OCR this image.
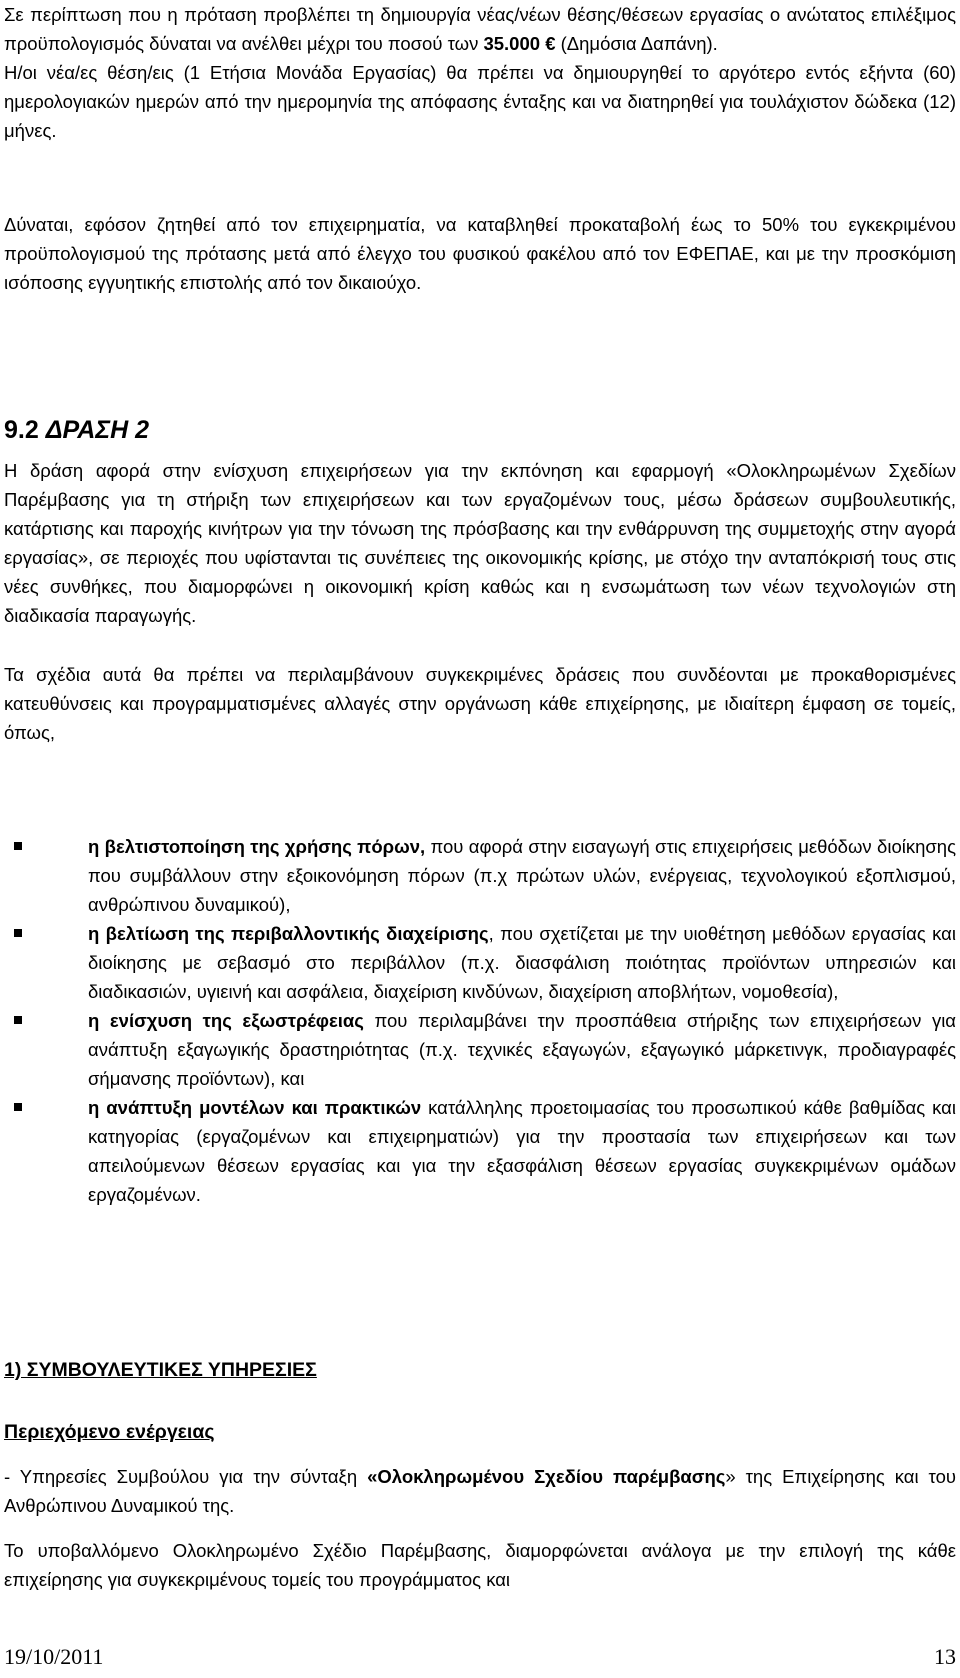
Σε περίπτωση που η πρόταση προβλέπει τη δημιουργία νέας/νέων θέσης/θέσεων εργασίας ο ανώτατος επιλέξιμος προϋπολογισμός δύναται να ανέλθει μέχρι του ποσού των 35.000 € (Δημόσια Δαπάνη).
Η/οι νέα/ες θέση/εις (1 Ετήσια Μονάδα Εργασίας) θα πρέπει να δημιουργηθεί το αργότερο εντός εξήντα (60) ημερολογιακών ημερών από την ημερομηνία της απόφασης ένταξης και να διατηρηθεί για τουλάχιστον δώδεκα (12) μήνες.

Δύναται, εφόσον ζητηθεί από τον επιχειρηματία, να καταβληθεί προκαταβολή έως το 50% του εγκεκριμένου προϋπολογισμού της πρότασης μετά από έλεγχο του φυσικού φακέλου από τον ΕΦΕΠΑΕ, και με την προσκόμιση ισόποσης εγγυητικής επιστολής από τον δικαιούχο.

9.2 ΔΡΑΣΗ 2

Η δράση αφορά στην ενίσχυση επιχειρήσεων για την εκπόνηση και εφαρμογή «Ολοκληρωμένων Σχεδίων Παρέμβασης για τη στήριξη των επιχειρήσεων και των εργαζομένων τους, μέσω δράσεων συμβουλευτικής, κατάρτισης και παροχής κινήτρων για την τόνωση της πρόσβασης και την ενθάρρυνση της συμμετοχής στην αγορά εργασίας», σε περιοχές που υφίστανται τις συνέπειες της οικονομικής κρίσης, με στόχο την ανταπόκρισή τους στις νέες συνθήκες, που διαμορφώνει η οικονομική κρίση καθώς και η ενσωμάτωση των νέων τεχνολογιών στη διαδικασία παραγωγής.

Τα σχέδια αυτά θα πρέπει να περιλαμβάνουν συγκεκριμένες δράσεις που συνδέονται με προκαθορισμένες κατευθύνσεις και προγραμματισμένες αλλαγές στην οργάνωση κάθε επιχείρησης, με ιδιαίτερη έμφαση σε τομείς, όπως,

η βελτιστοποίηση της χρήσης πόρων, που αφορά στην εισαγωγή στις επιχειρήσεις μεθόδων διοίκησης που συμβάλλουν στην εξοικονόμηση πόρων (π.χ πρώτων υλών, ενέργειας, τεχνολογικού εξοπλισμού, ανθρώπινου δυναμικού),
η βελτίωση της περιβαλλοντικής διαχείρισης, που σχετίζεται με την υιοθέτηση μεθόδων εργασίας και διοίκησης με σεβασμό στο περιβάλλον (π.χ. διασφάλιση ποιότητας προϊόντων υπηρεσιών και διαδικασιών, υγιεινή και ασφάλεια, διαχείριση κινδύνων, διαχείριση αποβλήτων, νομοθεσία),
η ενίσχυση της εξωστρέφειας που περιλαμβάνει την προσπάθεια στήριξης των επιχειρήσεων για ανάπτυξη εξαγωγικής δραστηριότητας (π.χ. τεχνικές εξαγωγών, εξαγωγικό μάρκετινγκ, προδιαγραφές σήμανσης προϊόντων), και
η ανάπτυξη μοντέλων και πρακτικών κατάλληλης προετοιμασίας του προσωπικού κάθε βαθμίδας και κατηγορίας (εργαζομένων και επιχειρηματιών) για την προστασία των επιχειρήσεων και των απειλούμενων θέσεων εργασίας και για την εξασφάλιση θέσεων εργασίας συγκεκριμένων ομάδων εργαζομένων.

1) ΣΥΜΒΟΥΛΕΥΤΙΚΕΣ ΥΠΗΡΕΣΙΕΣ

Περιεχόμενο ενέργειας

- Υπηρεσίες Συμβούλου για την σύνταξη «Ολοκληρωμένου Σχεδίου παρέμβασης» της Επιχείρησης και του Ανθρώπινου Δυναμικού της.

Το υποβαλλόμενο Ολοκληρωμένο Σχέδιο Παρέμβασης, διαμορφώνεται ανάλογα με την επιλογή της κάθε επιχείρησης για συγκεκριμένους τομείς του προγράμματος και

19/10/2011	13
